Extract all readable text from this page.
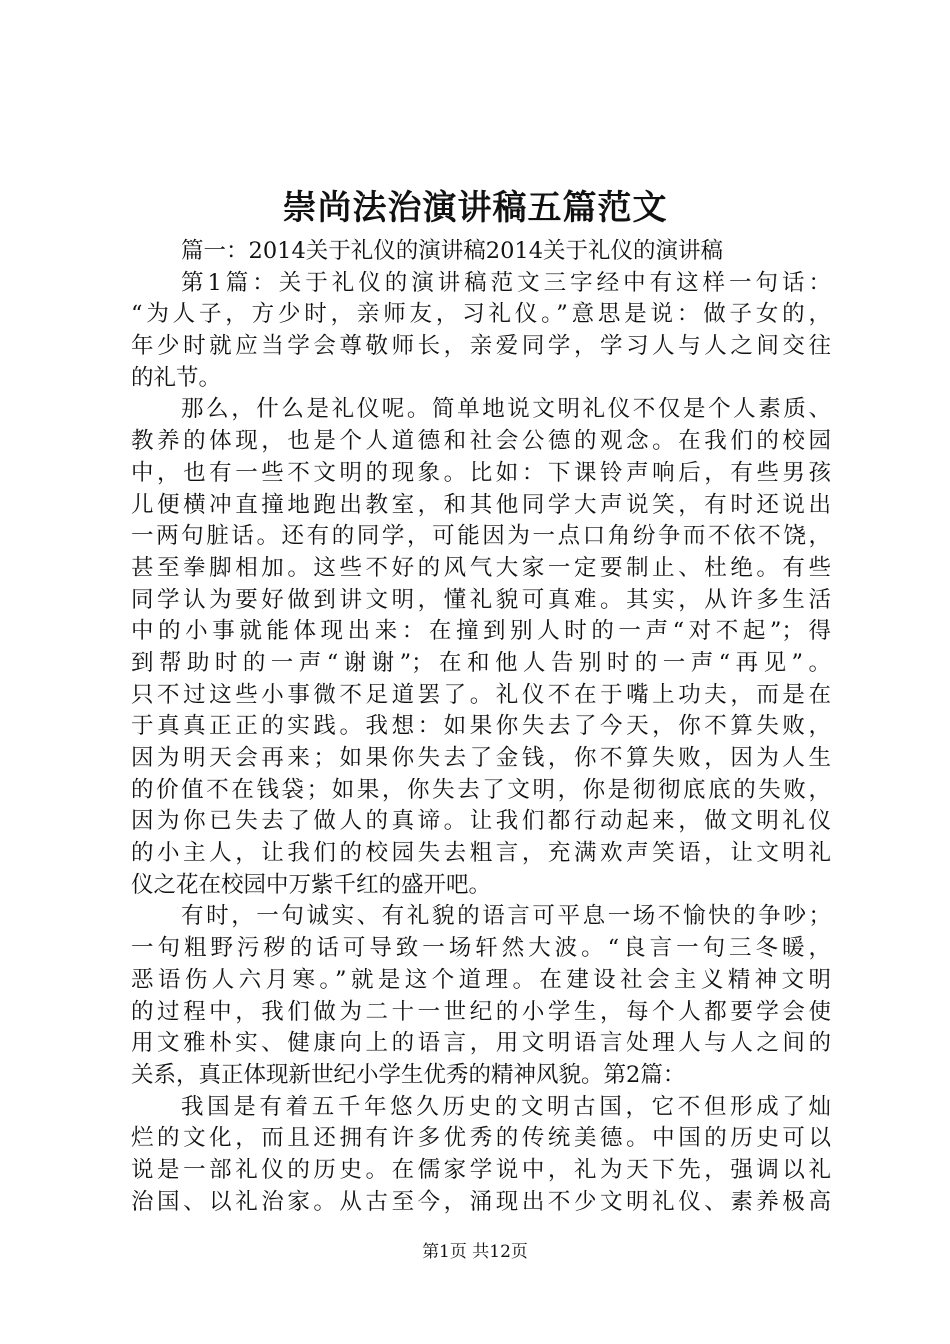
崇尚法治演讲稿五篇范文
篇一：2014关于礼仪的演讲稿2014关于礼仪的演讲稿
第1篇：关于礼仪的演讲稿范文三字经中有这样一句话：
“为人子，方少时，亲师友，习礼仪。”意思是说：做子女的，
年少时就应当学会尊敬师长，亲爱同学，学习人与人之间交往
的礼节。
那么，什么是礼仪呢。简单地说文明礼仪不仅是个人素质、
教养的体现，也是个人道德和社会公德的观念。在我们的校园
中，也有一些不文明的现象。比如：下课铃声响后，有些男孩
儿便横冲直撞地跑出教室，和其他同学大声说笑，有时还说出
一两句脏话。还有的同学，可能因为一点口角纷争而不依不饶，
甚至拳脚相加。这些不好的风气大家一定要制止、杜绝。有些
同学认为要好做到讲文明，懂礼貌可真难。其实，从许多生活
中的小事就能体现出来：在撞到别人时的一声“对不起”；得
到帮助时的一声“谢谢”；在和他人告别时的一声“再见”。
只不过这些小事微不足道罢了。礼仪不在于嘴上功夫，而是在
于真真正正的实践。我想：如果你失去了今天，你不算失败，
因为明天会再来；如果你失去了金钱，你不算失败，因为人生
的价值不在钱袋；如果，你失去了文明，你是彻彻底底的失败，
因为你已失去了做人的真谛。让我们都行动起来，做文明礼仪
的小主人，让我们的校园失去粗言，充满欢声笑语，让文明礼
仪之花在校园中万紫千红的盛开吧。
有时，一句诚实、有礼貌的语言可平息一场不愉快的争吵；
一句粗野污秽的话可导致一场轩然大波。“良言一句三冬暖，
恶语伤人六月寒。”就是这个道理。在建设社会主义精神文明
的过程中，我们做为二十一世纪的小学生，每个人都要学会使
用文雅朴实、健康向上的语言，用文明语言处理人与人之间的
关系，真正体现新世纪小学生优秀的精神风貌。第2篇：
我国是有着五千年悠久历史的文明古国，它不但形成了灿
烂的文化，而且还拥有许多优秀的传统美德。中国的历史可以
说是一部礼仪的历史。在儒家学说中，礼为天下先，强调以礼
治国、以礼治家。从古至今，涌现出不少文明礼仪、素养极高
第1页 共12页
